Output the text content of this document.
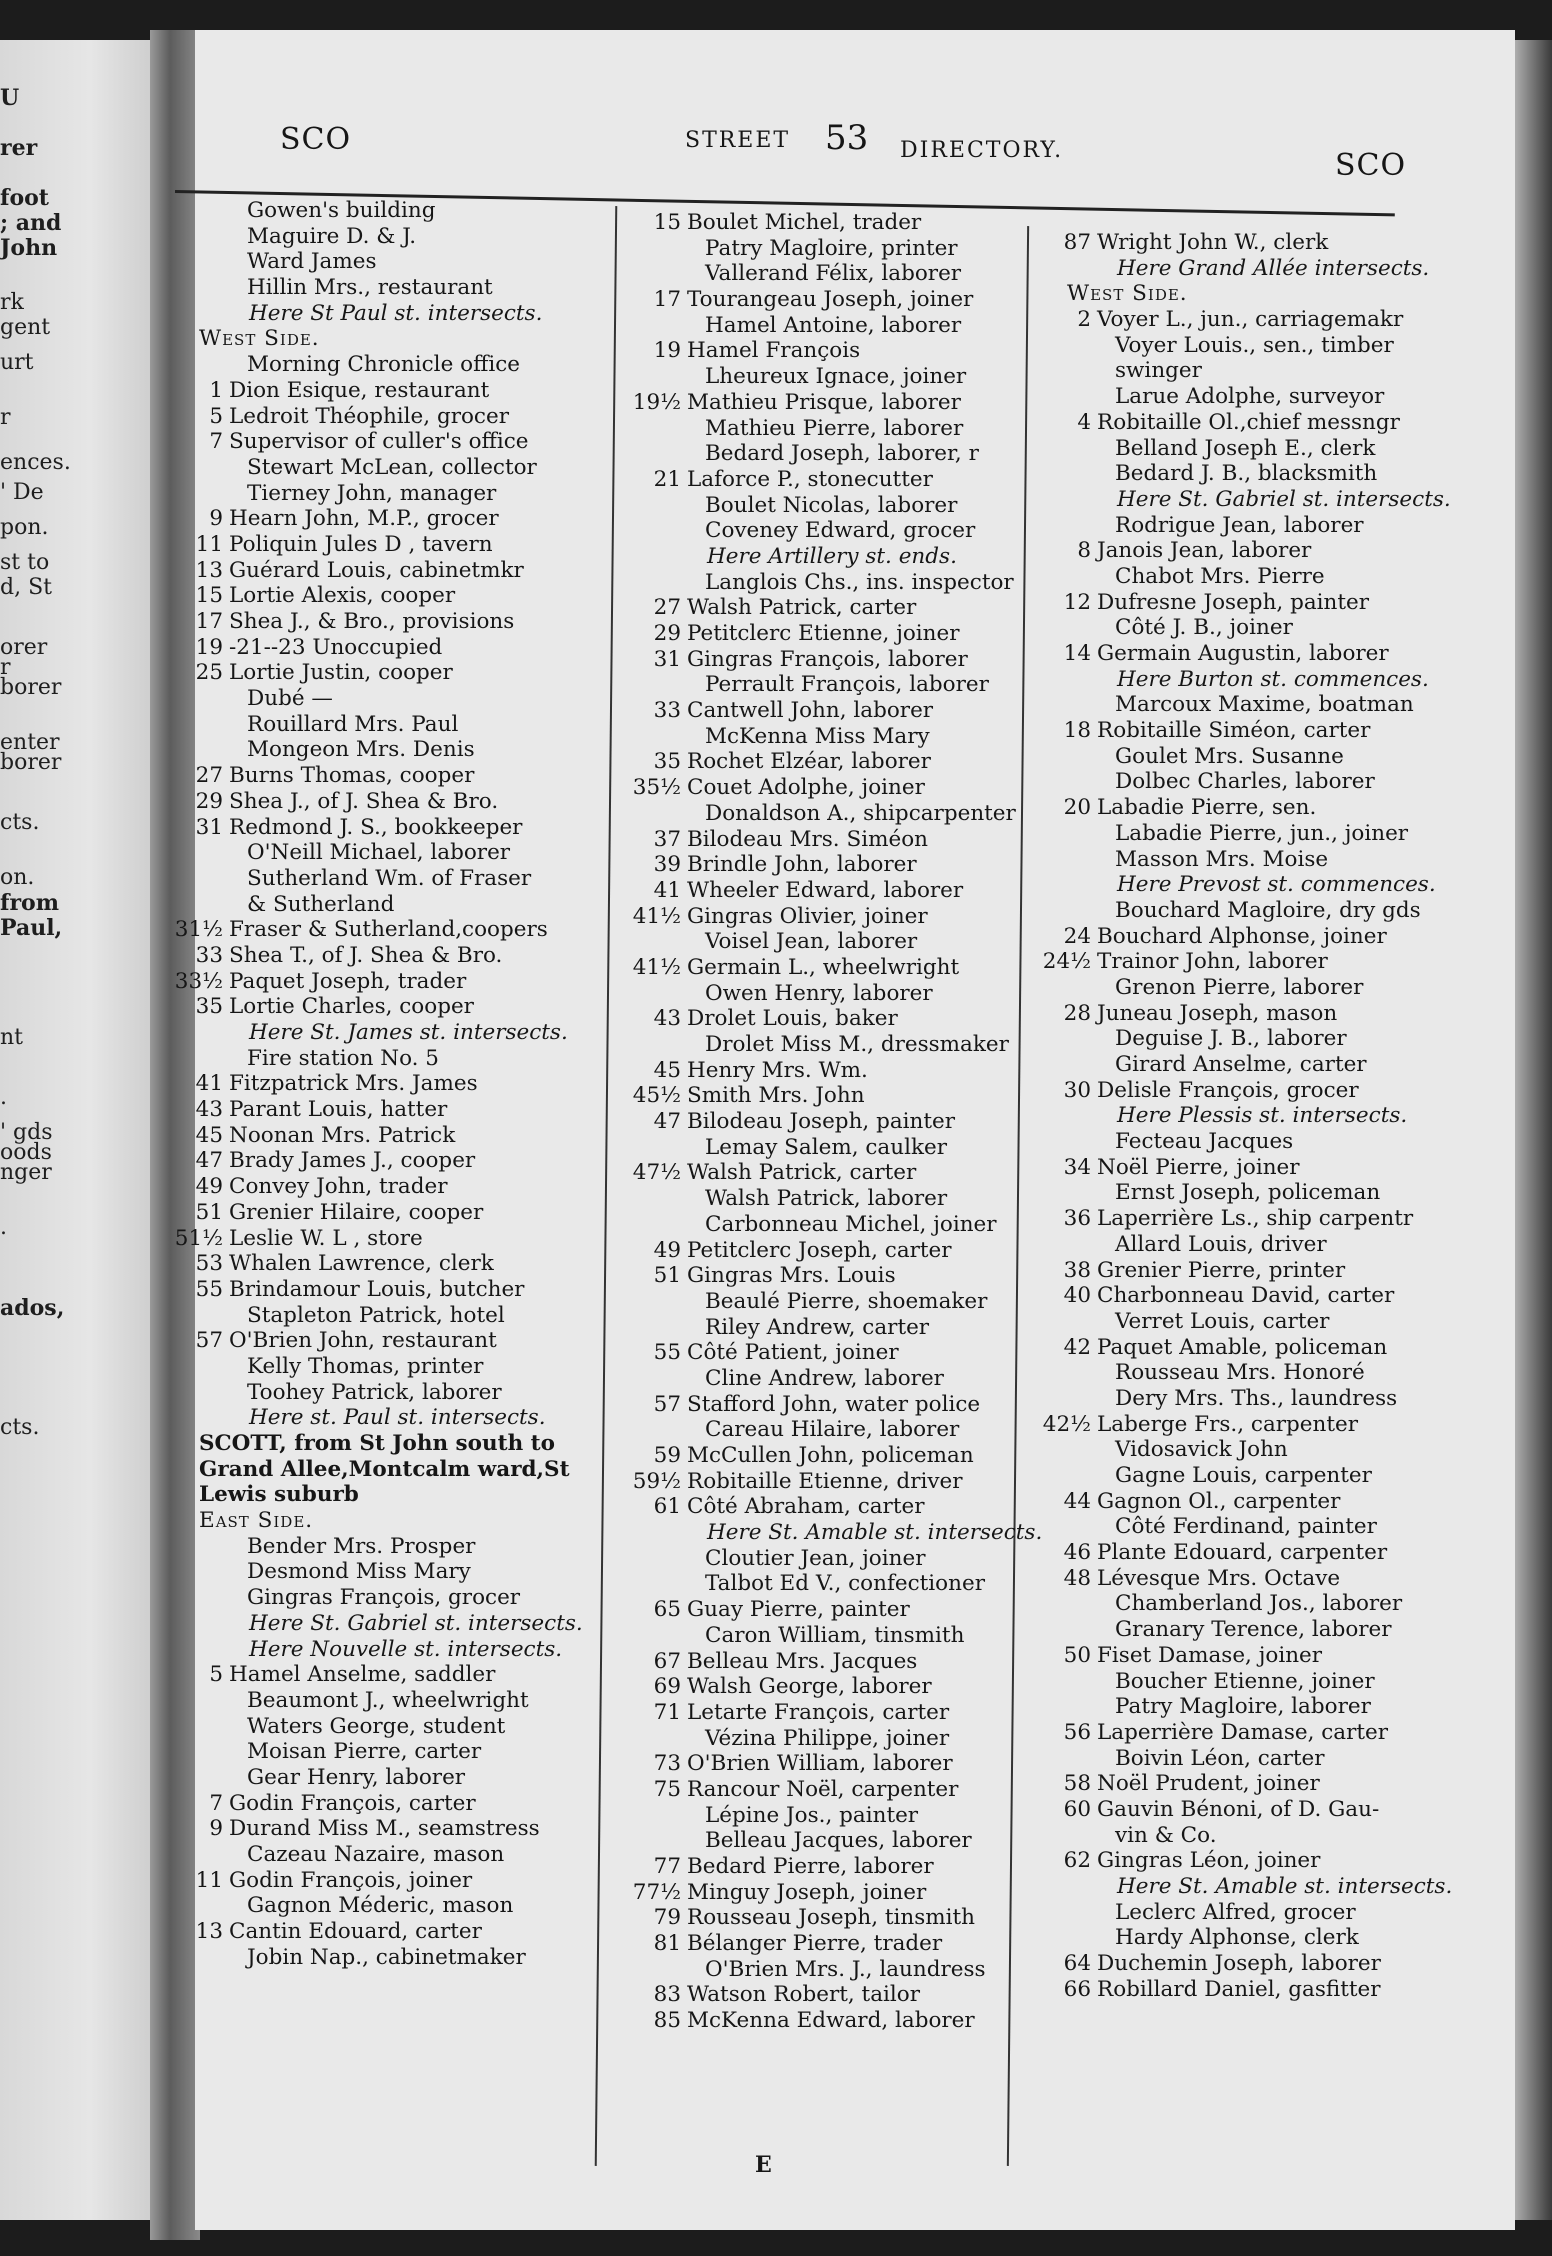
U
rer
foot
; and
John
rk
gent
urt
r
ences.
' De
pon.
st to
d, St
orer
r
borer
enter
borer
cts.
on.
from
Paul,
nt
.
' gds
oods
nger
.
ados,
cts.
SCO	STREET 53 DIRECTORY.	SCO
Gowen's building
Maguire D. & J.
Ward James
Hillin Mrs., restaurant
Here St Paul st. intersects.
West Side.
Morning Chronicle office
1 Dion Esique, restaurant
5 Ledroit Théophile, grocer
7 Supervisor of culler's office
Stewart McLean, collector
Tierney John, manager
9 Hearn John, M.P., grocer
11 Poliquin Jules D , tavern
13 Guérard Louis, cabinetmkr
15 Lortie Alexis, cooper
17 Shea J., & Bro., provisions
19 -21--23 Unoccupied
25 Lortie Justin, cooper
Dubé —
Rouillard Mrs. Paul
Mongeon Mrs. Denis
27 Burns Thomas, cooper
29 Shea J., of J. Shea & Bro.
31 Redmond J. S., bookkeeper
O'Neill Michael, laborer
Sutherland Wm. of Fraser
& Sutherland
31½ Fraser & Sutherland,coopers
33 Shea T., of J. Shea & Bro.
33½ Paquet Joseph, trader
35 Lortie Charles, cooper
Here St. James st. intersects.
Fire station No. 5
41 Fitzpatrick Mrs. James
43 Parant Louis, hatter
45 Noonan Mrs. Patrick
47 Brady James J., cooper
49 Convey John, trader
51 Grenier Hilaire, cooper
51½ Leslie W. L , store
53 Whalen Lawrence, clerk
55 Brindamour Louis, butcher
Stapleton Patrick, hotel
57 O'Brien John, restaurant
Kelly Thomas, printer
Toohey Patrick, laborer
Here st. Paul st. intersects.
SCOTT, from St John south to
Grand Allee,Montcalm ward,St
Lewis suburb
East Side.
Bender Mrs. Prosper
Desmond Miss Mary
Gingras François, grocer
Here St. Gabriel st. intersects.
Here Nouvelle st. intersects.
5 Hamel Anselme, saddler
Beaumont J., wheelwright
Waters George, student
Moisan Pierre, carter
Gear Henry, laborer
7 Godin François, carter
9 Durand Miss M., seamstress
Cazeau Nazaire, mason
11 Godin François, joiner
Gagnon Méderic, mason
13 Cantin Edouard, carter
Jobin Nap., cabinetmaker
15 Boulet Michel, trader
Patry Magloire, printer
Vallerand Félix, laborer
17 Tourangeau Joseph, joiner
Hamel Antoine, laborer
19 Hamel François
Lheureux Ignace, joiner
19½ Mathieu Prisque, laborer
Mathieu Pierre, laborer
Bedard Joseph, laborer, r
21 Laforce P., stonecutter
Boulet Nicolas, laborer
Coveney Edward, grocer
Here Artillery st. ends.
Langlois Chs., ins. inspector
27 Walsh Patrick, carter
29 Petitclerc Etienne, joiner
31 Gingras François, laborer
Perrault François, laborer
33 Cantwell John, laborer
McKenna Miss Mary
35 Rochet Elzéar, laborer
35½ Couet Adolphe, joiner
Donaldson A., shipcarpenter
37 Bilodeau Mrs. Siméon
39 Brindle John, laborer
41 Wheeler Edward, laborer
41½ Gingras Olivier, joiner
Voisel Jean, laborer
41½ Germain L., wheelwright
Owen Henry, laborer
43 Drolet Louis, baker
Drolet Miss M., dressmaker
45 Henry Mrs. Wm.
45½ Smith Mrs. John
47 Bilodeau Joseph, painter
Lemay Salem, caulker
47½ Walsh Patrick, carter
Walsh Patrick, laborer
Carbonneau Michel, joiner
49 Petitclerc Joseph, carter
51 Gingras Mrs. Louis
Beaulé Pierre, shoemaker
Riley Andrew, carter
55 Côté Patient, joiner
Cline Andrew, laborer
57 Stafford John, water police
Careau Hilaire, laborer
59 McCullen John, policeman
59½ Robitaille Etienne, driver
61 Côté Abraham, carter
Here St. Amable st. intersects.
Cloutier Jean, joiner
Talbot Ed V., confectioner
65 Guay Pierre, painter
Caron William, tinsmith
67 Belleau Mrs. Jacques
69 Walsh George, laborer
71 Letarte François, carter
Vézina Philippe, joiner
73 O'Brien William, laborer
75 Rancour Noël, carpenter
Lépine Jos., painter
Belleau Jacques, laborer
77 Bedard Pierre, laborer
77½ Minguy Joseph, joiner
79 Rousseau Joseph, tinsmith
81 Bélanger Pierre, trader
O'Brien Mrs. J., laundress
83 Watson Robert, tailor
85 McKenna Edward, laborer
87 Wright John W., clerk
Here Grand Allée intersects.
West Side.
2 Voyer L., jun., carriagemakr
Voyer Louis., sen., timber
swinger
Larue Adolphe, surveyor
4 Robitaille Ol.,chief messngr
Belland Joseph E., clerk
Bedard J. B., blacksmith
Here St. Gabriel st. intersects.
Rodrigue Jean, laborer
8 Janois Jean, laborer
Chabot Mrs. Pierre
12 Dufresne Joseph, painter
Côté J. B., joiner
14 Germain Augustin, laborer
Here Burton st. commences.
Marcoux Maxime, boatman
18 Robitaille Siméon, carter
Goulet Mrs. Susanne
Dolbec Charles, laborer
20 Labadie Pierre, sen.
Labadie Pierre, jun., joiner
Masson Mrs. Moise
Here Prevost st. commences.
Bouchard Magloire, dry gds
24 Bouchard Alphonse, joiner
24½ Trainor John, laborer
Grenon Pierre, laborer
28 Juneau Joseph, mason
Deguise J. B., laborer
Girard Anselme, carter
30 Delisle François, grocer
Here Plessis st. intersects.
Fecteau Jacques
34 Noël Pierre, joiner
Ernst Joseph, policeman
36 Laperrière Ls., ship carpentr
Allard Louis, driver
38 Grenier Pierre, printer
40 Charbonneau David, carter
Verret Louis, carter
42 Paquet Amable, policeman
Rousseau Mrs. Honoré
Dery Mrs. Ths., laundress
42½ Laberge Frs., carpenter
Vidosavick John
Gagne Louis, carpenter
44 Gagnon Ol., carpenter
Côté Ferdinand, painter
46 Plante Edouard, carpenter
48 Lévesque Mrs. Octave
Chamberland Jos., laborer
Granary Terence, laborer
50 Fiset Damase, joiner
Boucher Etienne, joiner
Patry Magloire, laborer
56 Laperrière Damase, carter
Boivin Léon, carter
58 Noël Prudent, joiner
60 Gauvin Bénoni, of D. Gau-
vin & Co.
62 Gingras Léon, joiner
Here St. Amable st. intersects.
Leclerc Alfred, grocer
Hardy Alphonse, clerk
64 Duchemin Joseph, laborer
66 Robillard Daniel, gasfitter
E
